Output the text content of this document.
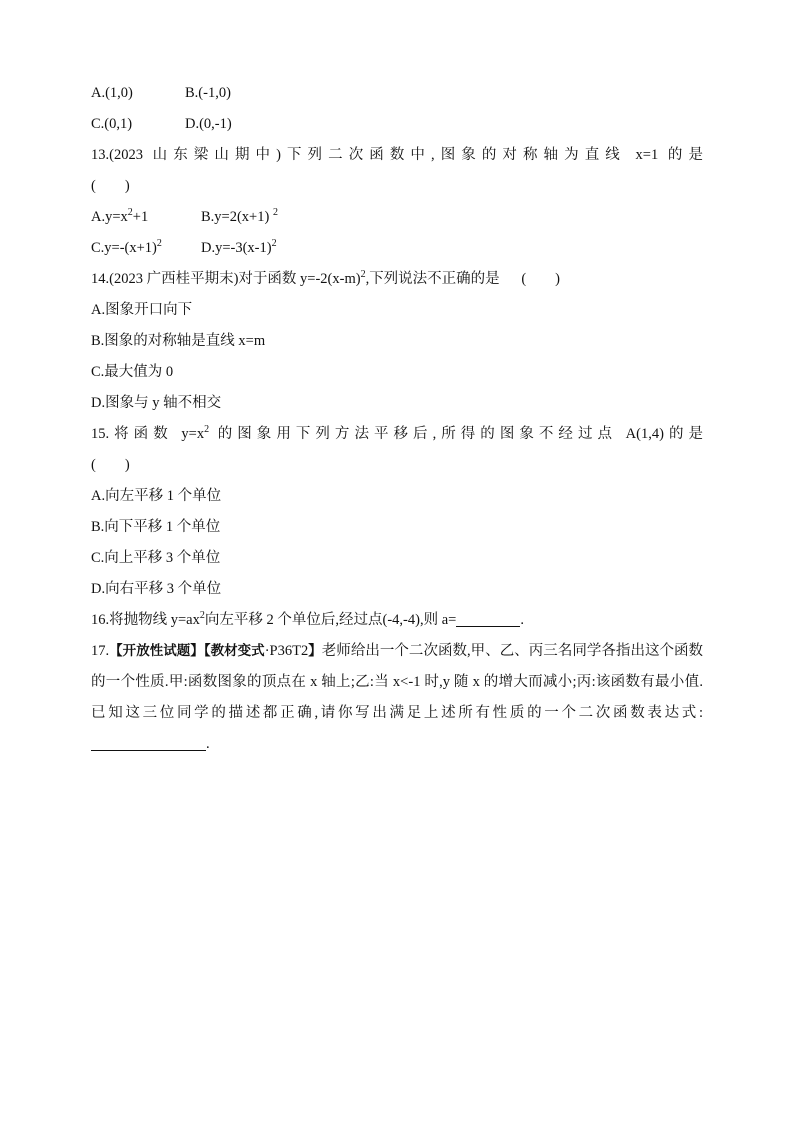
A.(1,0)	B.(-1,0)
C.(0,1)	D.(0,-1)
13.(2023 山东梁山期中)下列二次函数中,图象的对称轴为直线 x=1 的是
(        )
$A.y=x^2+1$	B.y=2(x+1) $^2$
$C.y=-(x+1)^2$	$D.y=-3(x-1)^2$
14.(2023 广西桂平期末)对于函数 $y=-2(x-m)^2$,下列说法不正确的是 (        )
A.图象开口向下
B.图象的对称轴是直线 x=m
C.最大值为 0
D.图象与 y 轴不相交
15.将函数 $y=x^2$ 的图象用下列方法平移后,所得的图象不经过点 A(1,4)的是
(        )
A.向左平移 1 个单位
B.向下平移 1 个单位
C.向上平移 3 个单位
D.向右平移 3 个单位
16.将抛物线 $y=ax^2$向左平移 2 个单位后,经过点(-4,-4),则 a=	.
17.【开放性试题】【教材变式·P36T2】老师给出一个二次函数,甲、乙、丙三名同学各指出这个函数的一个性质.甲:函数图象的顶点在 x 轴上;乙:当 x<-1 时,y 随 x 的增大而减小;丙:该函数有最小值.已知这三位同学的描述都正确,请你写出满足上述所有性质的一个二次函数表达式:.
